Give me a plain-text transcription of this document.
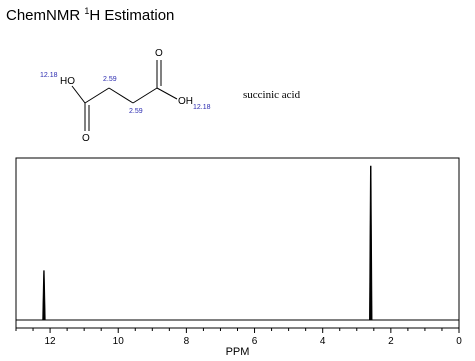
ChemNMR $^1$H Estimation
succinic acid
HO
O
O
OH
12.18
2.59
2.59
12.18
12	10	8	6	4	2	0
PPM
